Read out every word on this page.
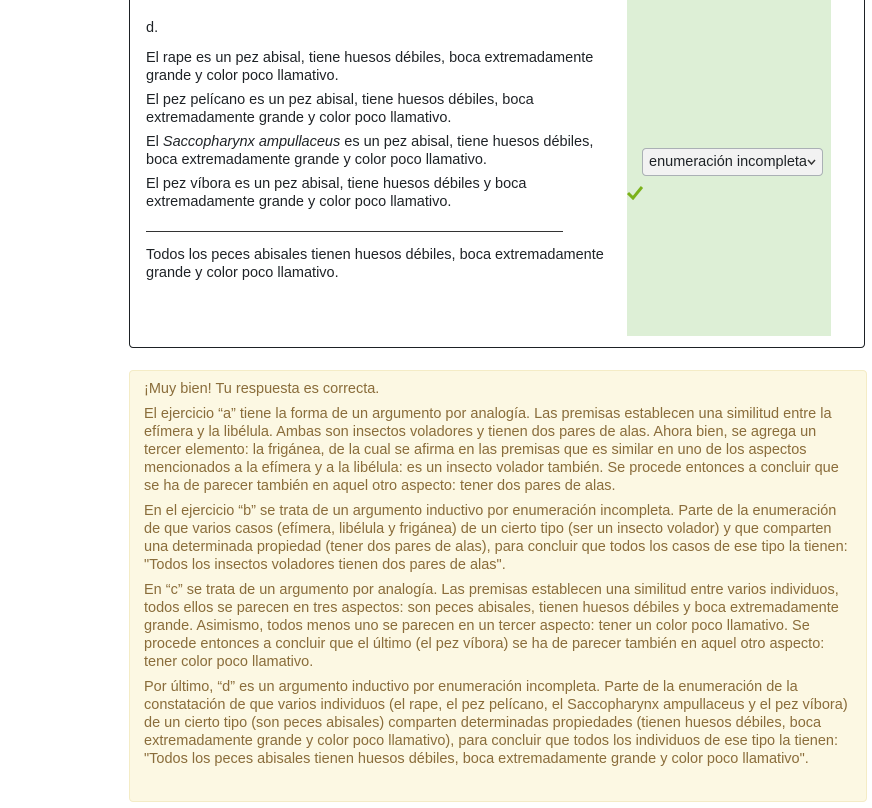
d.

El rape es un pez abisal, tiene huesos débiles, boca extremadamente grande y color poco llamativo.

El pez pelícano es un pez abisal, tiene huesos débiles, boca extremadamente grande y color poco llamativo.

El Saccopharynx ampullaceus es un pez abisal, tiene huesos débiles, boca extremadamente grande y color poco llamativo.

El pez víbora es un pez abisal, tiene huesos débiles y boca extremadamente grande y color poco llamativo.

Todos los peces abisales tienen huesos débiles, boca extremadamente grande y color poco llamativo.

enumeración incompleta

¡Muy bien! Tu respuesta es correcta.

El ejercicio “a” tiene la forma de un argumento por analogía. Las premisas establecen una similitud entre la efímera y la libélula. Ambas son insectos voladores y tienen dos pares de alas. Ahora bien, se agrega un tercer elemento: la frigánea, de la cual se afirma en las premisas que es similar en uno de los aspectos mencionados a la efímera y a la libélula: es un insecto volador también. Se procede entonces a concluir que se ha de parecer también en aquel otro aspecto: tener dos pares de alas.

En el ejercicio “b” se trata de un argumento inductivo por enumeración incompleta. Parte de la enumeración de que varios casos (efímera, libélula y frigánea) de un cierto tipo (ser un insecto volador) y que comparten una determinada propiedad (tener dos pares de alas), para concluir que todos los casos de ese tipo la tienen: "Todos los insectos voladores tienen dos pares de alas".

En “c” se trata de un argumento por analogía. Las premisas establecen una similitud entre varios individuos, todos ellos se parecen en tres aspectos: son peces abisales, tienen huesos débiles y boca extremadamente grande. Asimismo, todos menos uno se parecen en un tercer aspecto: tener un color poco llamativo. Se procede entonces a concluir que el último (el pez víbora) se ha de parecer también en aquel otro aspecto: tener color poco llamativo.

Por último, “d” es un argumento inductivo por enumeración incompleta. Parte de la enumeración de la constatación de que varios individuos (el rape, el pez pelícano, el Saccopharynx ampullaceus y el pez víbora) de un cierto tipo (son peces abisales) comparten determinadas propiedades (tienen huesos débiles, boca extremadamente grande y color poco llamativo), para concluir que todos los individuos de ese tipo la tienen: "Todos los peces abisales tienen huesos débiles, boca extremadamente grande y color poco llamativo".
